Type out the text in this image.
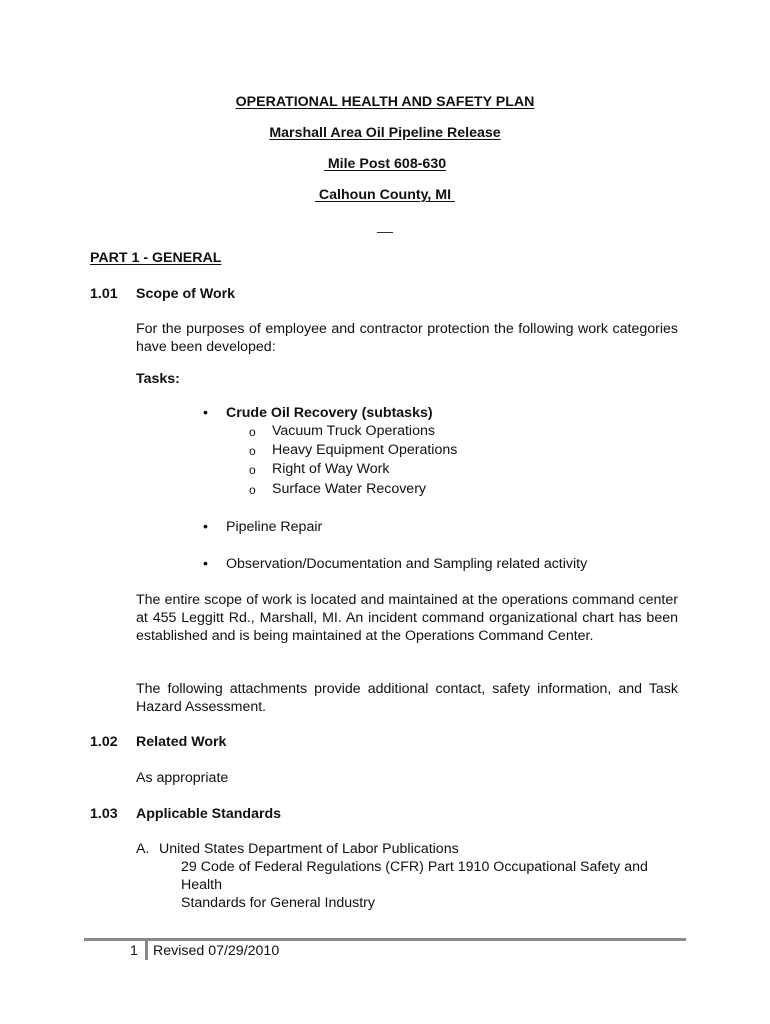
OPERATIONAL HEALTH AND SAFETY PLAN
Marshall Area Oil Pipeline Release
Mile Post 608-630
Calhoun County, MI
__
PART 1 - GENERAL
1.01 Scope of Work
For the purposes of employee and contractor protection the following work categories have been developed:
Tasks:
• Crude Oil Recovery (subtasks)
o Vacuum Truck Operations
o Heavy Equipment Operations
o Right of Way Work
o Surface Water Recovery
• Pipeline Repair
• Observation/Documentation and Sampling related activity
The entire scope of work is located and maintained at the operations command center at 455 Leggitt Rd., Marshall, MI. An incident command organizational chart has been established and is being maintained at the Operations Command Center.
The following attachments provide additional contact, safety information, and Task Hazard Assessment.
1.02 Related Work
As appropriate
1.03 Applicable Standards
A. United States Department of Labor Publications
29 Code of Federal Regulations (CFR) Part 1910 Occupational Safety and
Health
Standards for General Industry
1 Revised 07/29/2010
